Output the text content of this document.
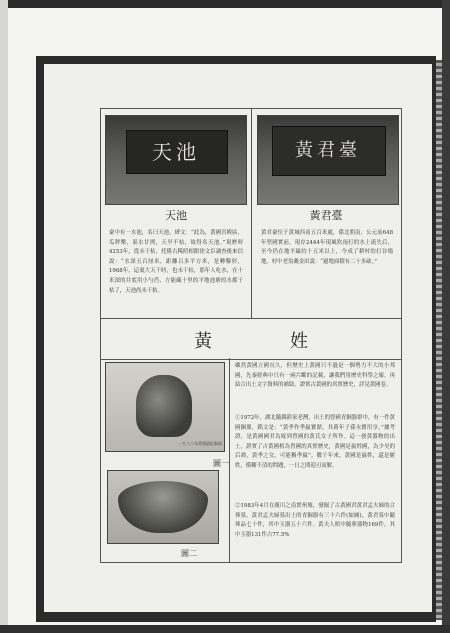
天池
天池
臺中有一水池，名曰天池，碑文：“此為，黃國宮殿區，瓜秤樂，東水甘洌，天旱不枯，故得名天池。”現歷時4253年，從未干枯，托隆古稀照相館徐文臣調查後來信說：“水深五百厘米，距離百多平方米，是轉鑿形，1968年，這裏大天干時，也未干枯，那年人吃水，在十米深的井底用小勺舀，方能藏十里的平地池塘的水都干枯了，天池尚未干枯。
黃君臺
黃君臺
黃君臺位于黃城西南五百米處，係北朝南，公元前648年堅國實前，現存2444年現風吹雨打的水土流失后，至今仍在地平線約十五米以上，今成了耕村的打谷場地。村中老翁戴金田說：“過地面積有二十多畝。”
黃　姓
一九六八年黃國遺址銅器
圖一
圖二
雖然黃國立國長久，但歷史上黃國只不過是一個勢力不大的小邦國，先秦經典中只有一兩片斷的記載，讓我們用歷史科學之確，再結合出土文字資料的補助，證實古黃國的真實歷史，詳見黃國卷。
①1972年，湖北隨縣熊家老灣，出土的曾國青銅器群中，有一件黃國銅鼎，銘文是：“黃季作季嬴寶鼎，其萬年子孫永寶用享。”據考證，是黃國國君為嫁到曾國的黃氏女子所作。這一發黃器物的出土，證實了古黃國植為曾國的真實歷史，黃國是嬴姓國，為少昊的后裔，黃季之女，可能稱季嬴”。數千年來，黃國是嬴姓，還是姬姓，模糊不清的問題，一日之間迎刃而解。
②1983年4月在廣川之南實州墟，發掘了古黃國君黃君孟夫婦的合葬墓，黃君孟夫婦墓出土的青銅器有三十六件(如圖)，黃君墓中隨葬品七十件，其中玉器五十六件。黃夫人棺中隨葬器物169件，其中玉器131件占77.5%
